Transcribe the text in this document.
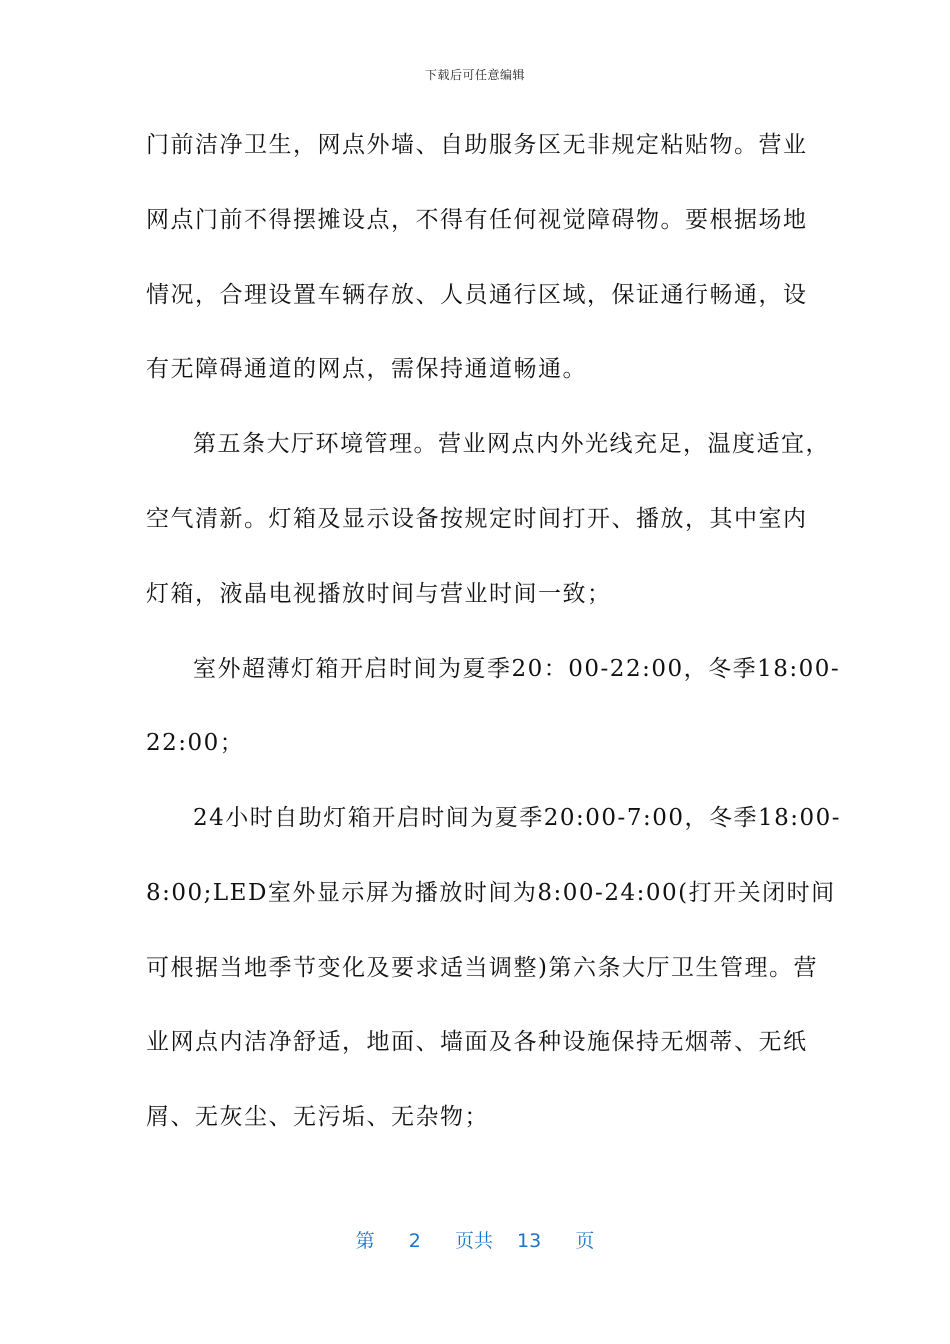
下载后可任意编辑
门前洁净卫生，网点外墙、自助服务区无非规定粘贴物。营业
网点门前不得摆摊设点，不得有任何视觉障碍物。要根据场地
情况，合理设置车辆存放、人员通行区域，保证通行畅通，设
有无障碍通道的网点，需保持通道畅通。
第五条大厅环境管理。营业网点内外光线充足，温度适宜，
空气清新。灯箱及显示设备按规定时间打开、播放，其中室内
灯箱，液晶电视播放时间与营业时间一致；
室外超薄灯箱开启时间为夏季20：00-22:00，冬季18:00-
22:00；
24小时自助灯箱开启时间为夏季20:00-7:00，冬季18:00-
8:00;LED室外显示屏为播放时间为8:00-24:00(打开关闭时间
可根据当地季节变化及要求适当调整)第六条大厅卫生管理。营
业网点内洁净舒适，地面、墙面及各种设施保持无烟蒂、无纸
屑、无灰尘、无污垢、无杂物；
第 2 页共 13 页
